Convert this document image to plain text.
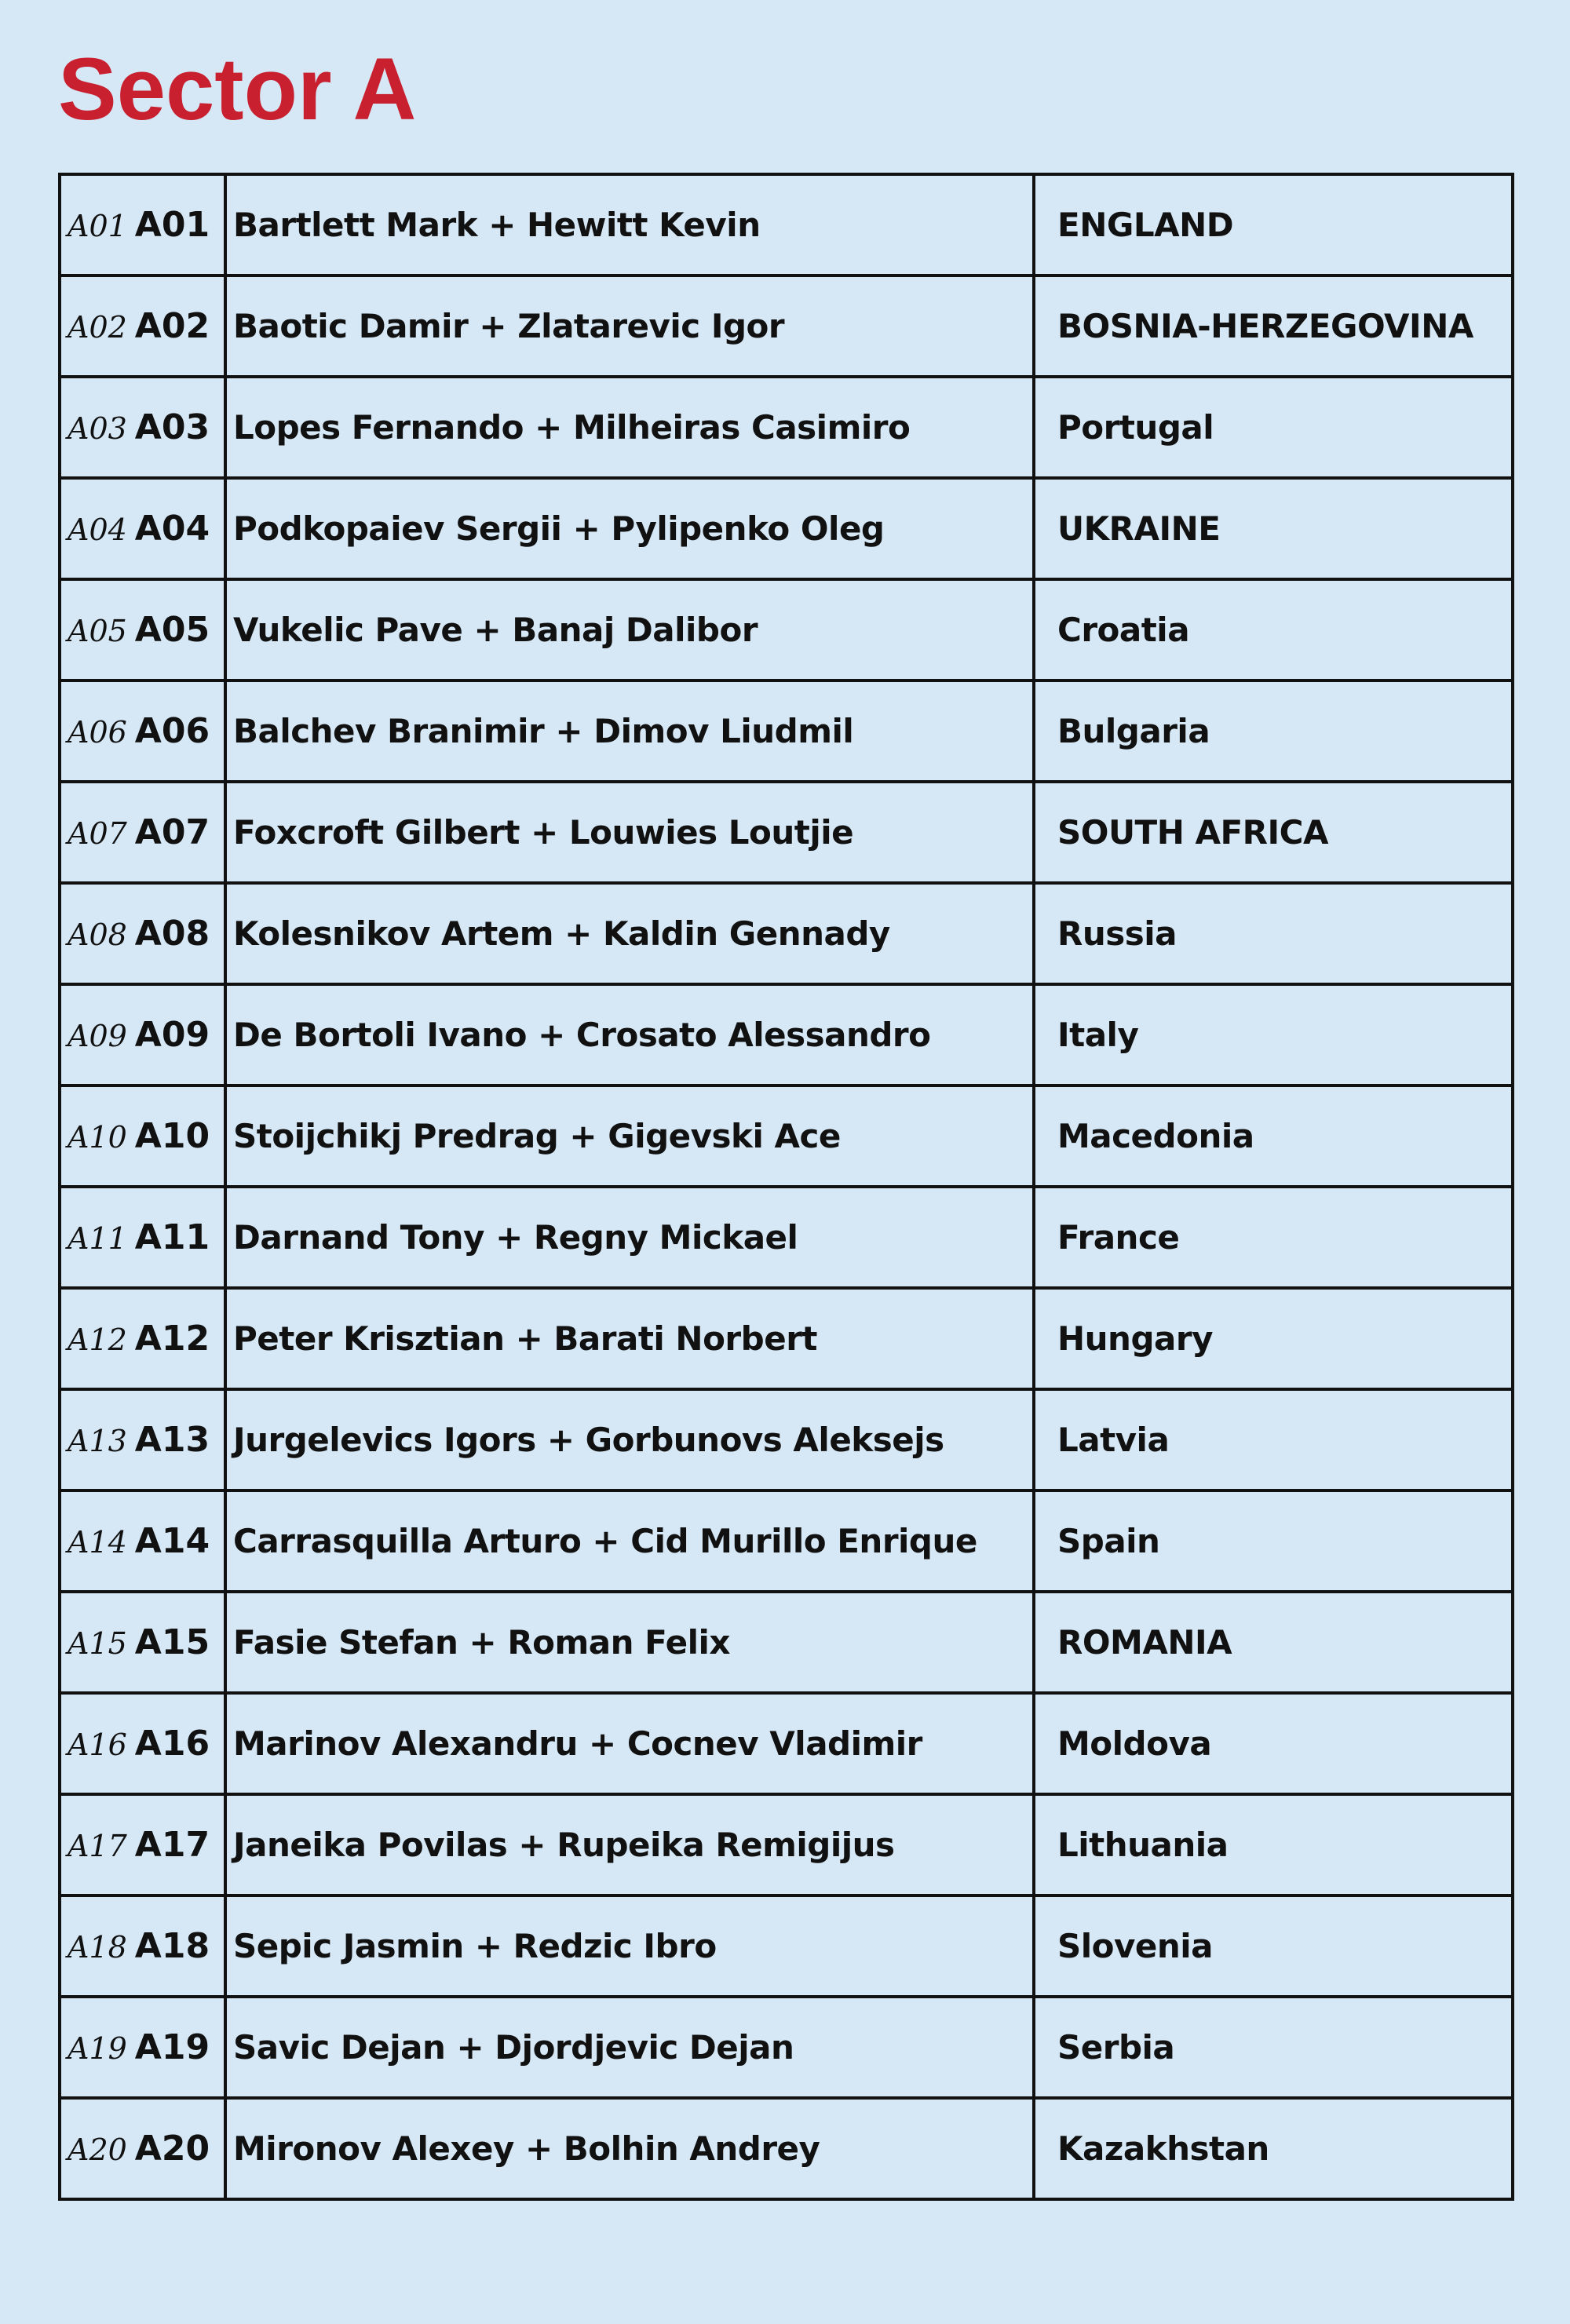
Sector A
A01 A01	Bartlett Mark + Hewitt Kevin	ENGLAND
A02 A02	Baotic Damir + Zlatarevic Igor	BOSNIA-HERZEGOVINA
A03 A03	Lopes Fernando + Milheiras Casimiro	Portugal
A04 A04	Podkopaiev Sergii + Pylipenko Oleg	UKRAINE
A05 A05	Vukelic Pave + Banaj Dalibor	Croatia
A06 A06	Balchev Branimir + Dimov Liudmil	Bulgaria
A07 A07	Foxcroft Gilbert + Louwies Loutjie	SOUTH AFRICA
A08 A08	Kolesnikov Artem + Kaldin Gennady	Russia
A09 A09	De Bortoli Ivano + Crosato Alessandro	Italy
A10 A10	Stoijchikj Predrag + Gigevski Ace	Macedonia
A11 A11	Darnand Tony + Regny Mickael	France
A12 A12	Peter Krisztian + Barati Norbert	Hungary
A13 A13	Jurgelevics Igors + Gorbunovs Aleksejs	Latvia
A14 A14	Carrasquilla Arturo + Cid Murillo Enrique	Spain
A15 A15	Fasie Stefan + Roman Felix	ROMANIA
A16 A16	Marinov Alexandru + Cocnev Vladimir	Moldova
A17 A17	Janeika Povilas + Rupeika Remigijus	Lithuania
A18 A18	Sepic Jasmin + Redzic Ibro	Slovenia
A19 A19	Savic Dejan + Djordjevic Dejan	Serbia
A20 A20	Mironov Alexey + Bolhin Andrey	Kazakhstan
